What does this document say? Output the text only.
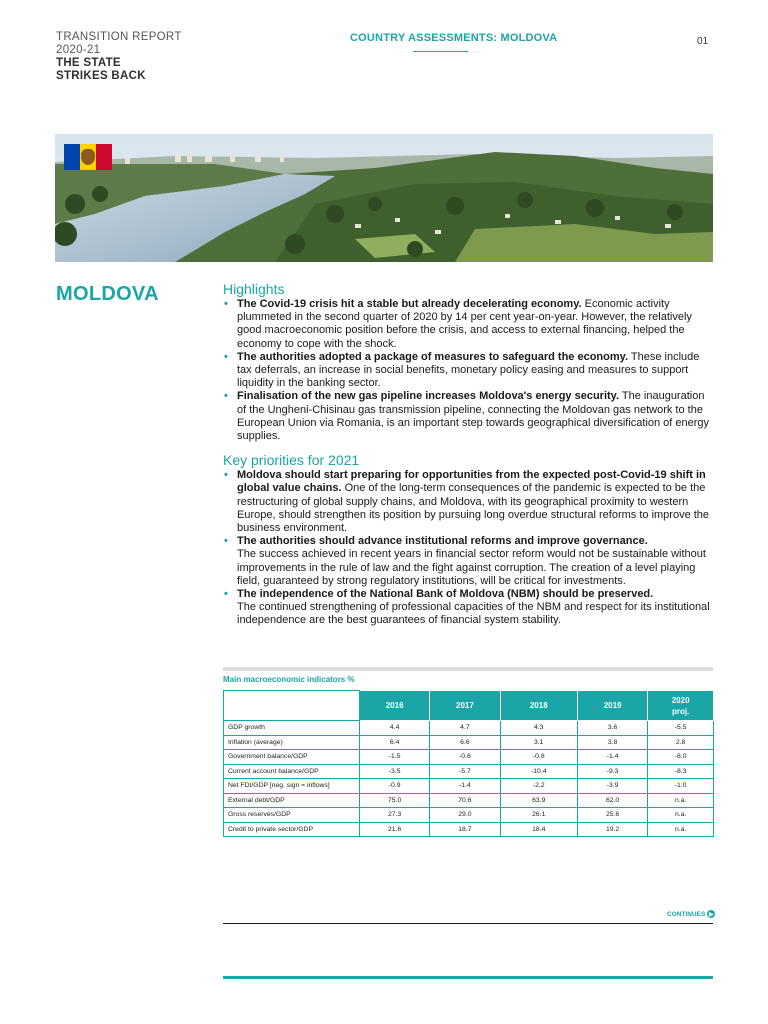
TRANSITION REPORT
2020-21
THE STATE
STRIKES BACK
COUNTRY ASSESSMENTS: MOLDOVA	01
MOLDOVA	Highlights
• The Covid-19 crisis hit a stable but already decelerating economy. Economic activity plummeted in the second quarter of 2020 by 14 per cent year-on-year. However, the relatively good macroeconomic position before the crisis, and access to external financing, helped the economy to cope with the shock.
• The authorities adopted a package of measures to safeguard the economy. These include tax deferrals, an increase in social benefits, monetary policy easing and measures to support liquidity in the banking sector.
• Finalisation of the new gas pipeline increases Moldova's energy security. The inauguration of the Ungheni-Chisinau gas transmission pipeline, connecting the Moldovan gas network to the European Union via Romania, is an important step towards geographical diversification of energy supplies.
Key priorities for 2021
• Moldova should start preparing for opportunities from the expected post-Covid-19 shift in global value chains. One of the long-term consequences of the pandemic is expected to be the restructuring of global supply chains, and Moldova, with its geographical proximity to western Europe, should strengthen its position by pursuing long overdue structural reforms to improve the business environment.
• The authorities should advance institutional reforms and improve governance.
The success achieved in recent years in financial sector reform would not be sustainable without improvements in the rule of law and the fight against corruption. The creation of a level playing field, guaranteed by strong regulatory institutions, will be critical for investments.
• The independence of the National Bank of Moldova (NBM) should be preserved.
The continued strengthening of professional capacities of the NBM and respect for its institutional independence are the best guarantees of financial system stability.
Main macroeconomic indicators %
	2016	2017	2018	2019	2020
proj.
GDP growth	4.4	4.7	4.3	3.6	-5.5
Inflation (average)	6.4	6.6	3.1	3.8	2.8
Government balance/GDP	-1.5	-0.6	-0.8	-1.4	-8.0
Current account balance/GDP	-3.5	-5.7	-10.4	-9.3	-8.3
Net FDI/GDP [neg. sign = inflows]	-0.9	-1.4	-2.2	-3.9	-1.0
External debt/GDP	75.0	70.6	63.9	62.0	n.a.
Gross reserves/GDP	27.3	29.0	26.1	25.6	n.a.
Credit to private sector/GDP	21.6	18.7	18.4	19.2	n.a.
CONTINUES ▶
